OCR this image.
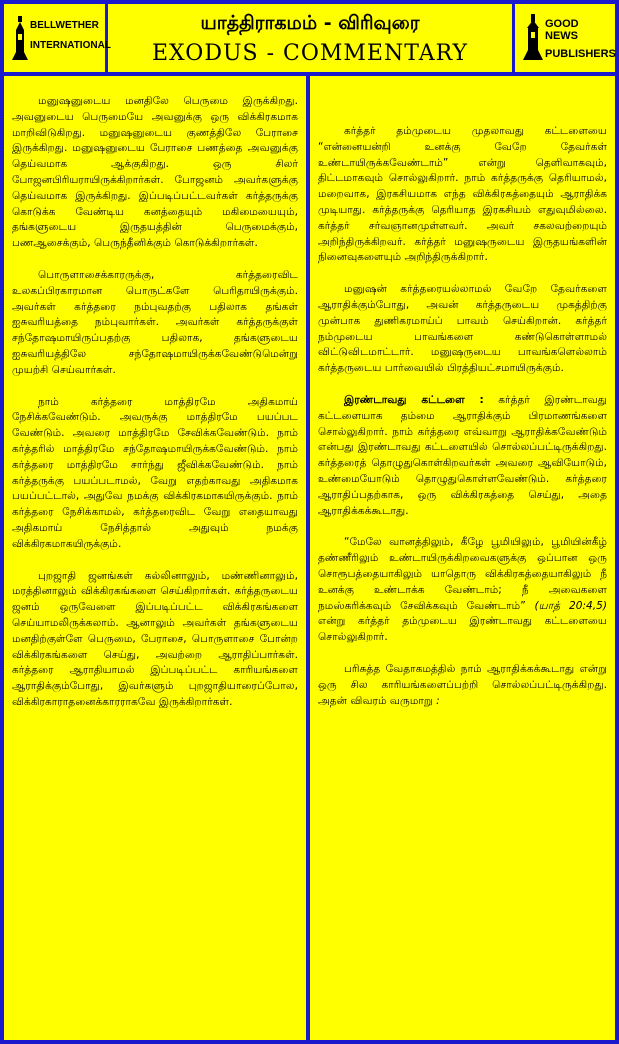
BELLWETHER
INTERNATIONAL
யாத்திராகமம் - விரிவுரை
EXODUS - COMMENTARY
GOOD NEWS
PUBLISHERS

மனுஷனுடைய மனதிலே பெருமை இருக்கிறது. அவனுடைய பெருமையே அவனுக்கு ஒரு விக்கிரகமாக மாறிவிடுகிறது. மனுஷனுடைய குணத்திலே பேராசை இருக்கிறது. மனுஷனுடைய பேராசை பணத்தை அவனுக்கு தெய்வமாக ஆக்குகிறது. ஒரு சிலர் போஜனபிரியராயிருக்கிறார்கள். போஜனம் அவர்களுக்கு தெய்வமாக இருக்கிறது. இப்படிப்பட்டவர்கள் கர்த்தருக்கு கொடுக்க வேண்டிய கனத்தையும் மகிமையையும், தங்களுடைய இருதயத்தின் பெருமைக்கும், பணஆசைக்கும், பெருந்தீனிக்கும் கொடுக்கிறார்கள்.

பொருளாசைக்காரருக்கு, கர்த்தரைவிட உலகப்பிரகாரமான பொருட்களே பெரிதாயிருக்கும். அவர்கள் கர்த்தரை நம்புவதற்கு பதிலாக தங்கள் ஐசுவரியத்தை நம்புவார்கள். அவர்கள் கர்த்தருக்குள் சந்தோஷமாயிருப்பதற்கு பதிலாக, தங்களுடைய ஐசுவரியத்திலே சந்தோஷமாயிருக்கவேண்டுமென்று முயற்சி செய்வார்கள்.

நாம் கர்த்தரை மாத்திரமே அதிகமாய் நேசிக்கவேண்டும். அவருக்கு மாத்திரமே பயப்பட வேண்டும். அவரை மாத்திரமே சேவிக்கவேண்டும். நாம் கர்த்தரில் மாத்திரமே சந்தோஷமாயிருக்கவேண்டும். நாம் கர்த்தரை மாத்திரமே சார்ந்து ஜீவிக்கவேண்டும். நாம் கர்த்தருக்கு பயப்படாமல், வேறு எதற்காவது அதிகமாக பயப்பட்டால், அதுவே நமக்கு விக்கிரகமாகயிருக்கும். நாம் கர்த்தரை நேசிக்காமல், கர்த்தரைவிட வேறு எதையாவது அதிகமாய் நேசித்தால் அதுவும் நமக்கு விக்கிரகமாகயிருக்கும்.

புறஜாதி ஜனங்கள் கல்லினாலும், மண்ணினாலும், மரத்தினாலும் விக்கிரகங்களை செய்கிறார்கள். கர்த்தருடைய ஜனம் ஒருவேளை இப்படிப்பட்ட விக்கிரகங்களை செய்யாமலிருக்கலாம். ஆனாலும் அவர்கள் தங்களுடைய மனதிற்குள்ளே பெருமை, பேராசை, பொருளாசை போன்ற விக்கிரகங்களை செய்து, அவற்றை ஆராதிப்பார்கள். கர்த்தரை ஆராதியாமல் இப்படிப்பட்ட காரியங்களை ஆராதிக்கும்போது, இவர்களும் புறஜாதியாரைப்போல, விக்கிரகாராதனைக்காரராகவே இருக்கிறார்கள்.

கர்த்தர் தம்முடைய முதலாவது கட்டளையை “என்னையன்றி உனக்கு வேறே தேவர்கள் உண்டாயிருக்கவேண்டாம்” என்று தெளிவாகவும், திட்டமாகவும் சொல்லுகிறார். நாம் கர்த்தருக்கு தெரியாமல், மறைவாக, இரகசியமாக எந்த விக்கிரகத்தையும் ஆராதிக்க முடியாது. கர்த்தருக்கு தெரியாத இரகசியம் எதுவுமில்லை. கர்த்தர் சர்வஞானமுள்ளவர். அவர் சகலவற்றையும் அறிந்திருக்கிறவர். கர்த்தர் மனுஷருடைய இருதயங்களின் நினைவுகளையும் அறிந்திருக்கிறார்.

மனுஷன் கர்த்தரையல்லாமல் வேறே தேவர்களை ஆராதிக்கும்போது, அவன் கர்த்தருடைய முகத்திற்கு முன்பாக துணிகரமாய்ப் பாவம் செய்கிறான். கர்த்தர் நம்முடைய பாவங்களை கண்டுகொள்ளாமல் விட்டுவிடமாட்டார். மனுஷருடைய பாவங்களெல்லாம் கர்த்தருடைய பார்வையில் பிரத்தியட்சமாயிருக்கும்.

இரண்டாவது கட்டளை : கர்த்தர் இரண்டாவது கட்டளையாக தம்மை ஆராதிக்கும் பிரமாணங்களை சொல்லுகிறார். நாம் கர்த்தரை எவ்வாறு ஆராதிக்கவேண்டும் என்பது இரண்டாவது கட்டளையில் சொல்லப்பட்டிருக்கிறது. கர்த்தரைத் தொழுதுகொள்கிறவர்கள் அவரை ஆவியோடும், உண்மையோடும் தொழுதுகொள்ளவேண்டும். கர்த்தரை ஆராதிப்பதற்காக, ஒரு விக்கிரகத்தை செய்து, அதை ஆராதிக்கக்கூடாது.

“மேலே வானத்திலும், கீழே பூமியிலும், பூமியின்கீழ் தண்ணீரிலும் உண்டாயிருக்கிறவைகளுக்கு ஒப்பான ஒரு சொரூபத்தையாகிலும் யாதொரு விக்கிரகத்தையாகிலும் நீ உனக்கு உண்டாக்க வேண்டாம்; நீ அவைகளை நமஸ்கரிக்கவும் சேவிக்கவும் வேண்டாம்” (யாத் 20:4,5) என்று கர்த்தர் தம்முடைய இரண்டாவது கட்டளையை சொல்லுகிறார்.

பரிசுத்த வேதாகமத்தில் நாம் ஆராதிக்கக்கூடாது என்று ஒரு சில காரியங்களைப்பற்றி சொல்லப்பட்டிருக்கிறது. அதன் விவரம் வருமாறு :
